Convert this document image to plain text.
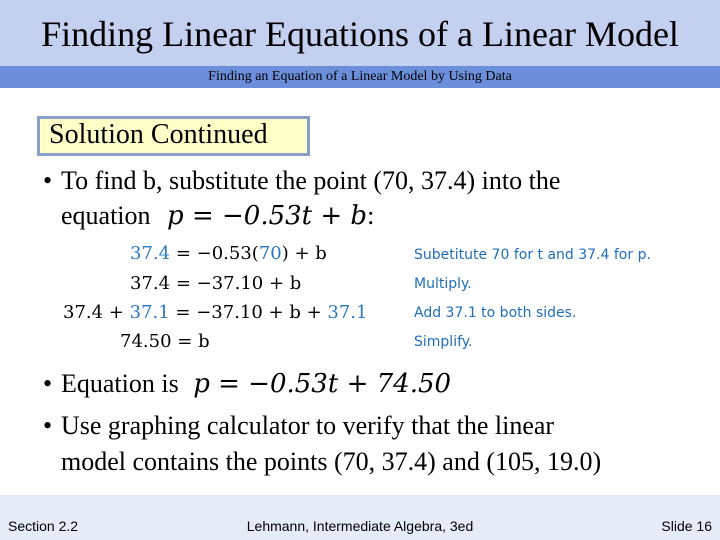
Finding Linear Equations of a Linear Model
Finding an Equation of a Linear Model by Using Data
Solution Continued
• To find b, substitute the point (70, 37.4) into the
equation p = −0.53t + b:
37.4 = −0.53(70) + b
37.4 = −37.10 + b
37.4 + 37.1 = −37.10 + b + 37.1
74.50 = b
Subetitute 70 for t and 37.4 for p.
Multiply.
Add 37.1 to both sides.
Simplify.
• Equation is p = −0.53t + 74.50
• Use graphing calculator to verify that the linear
model contains the points (70, 37.4) and (105, 19.0)
Section 2.2	Lehmann, Intermediate Algebra, 3ed	Slide 16
